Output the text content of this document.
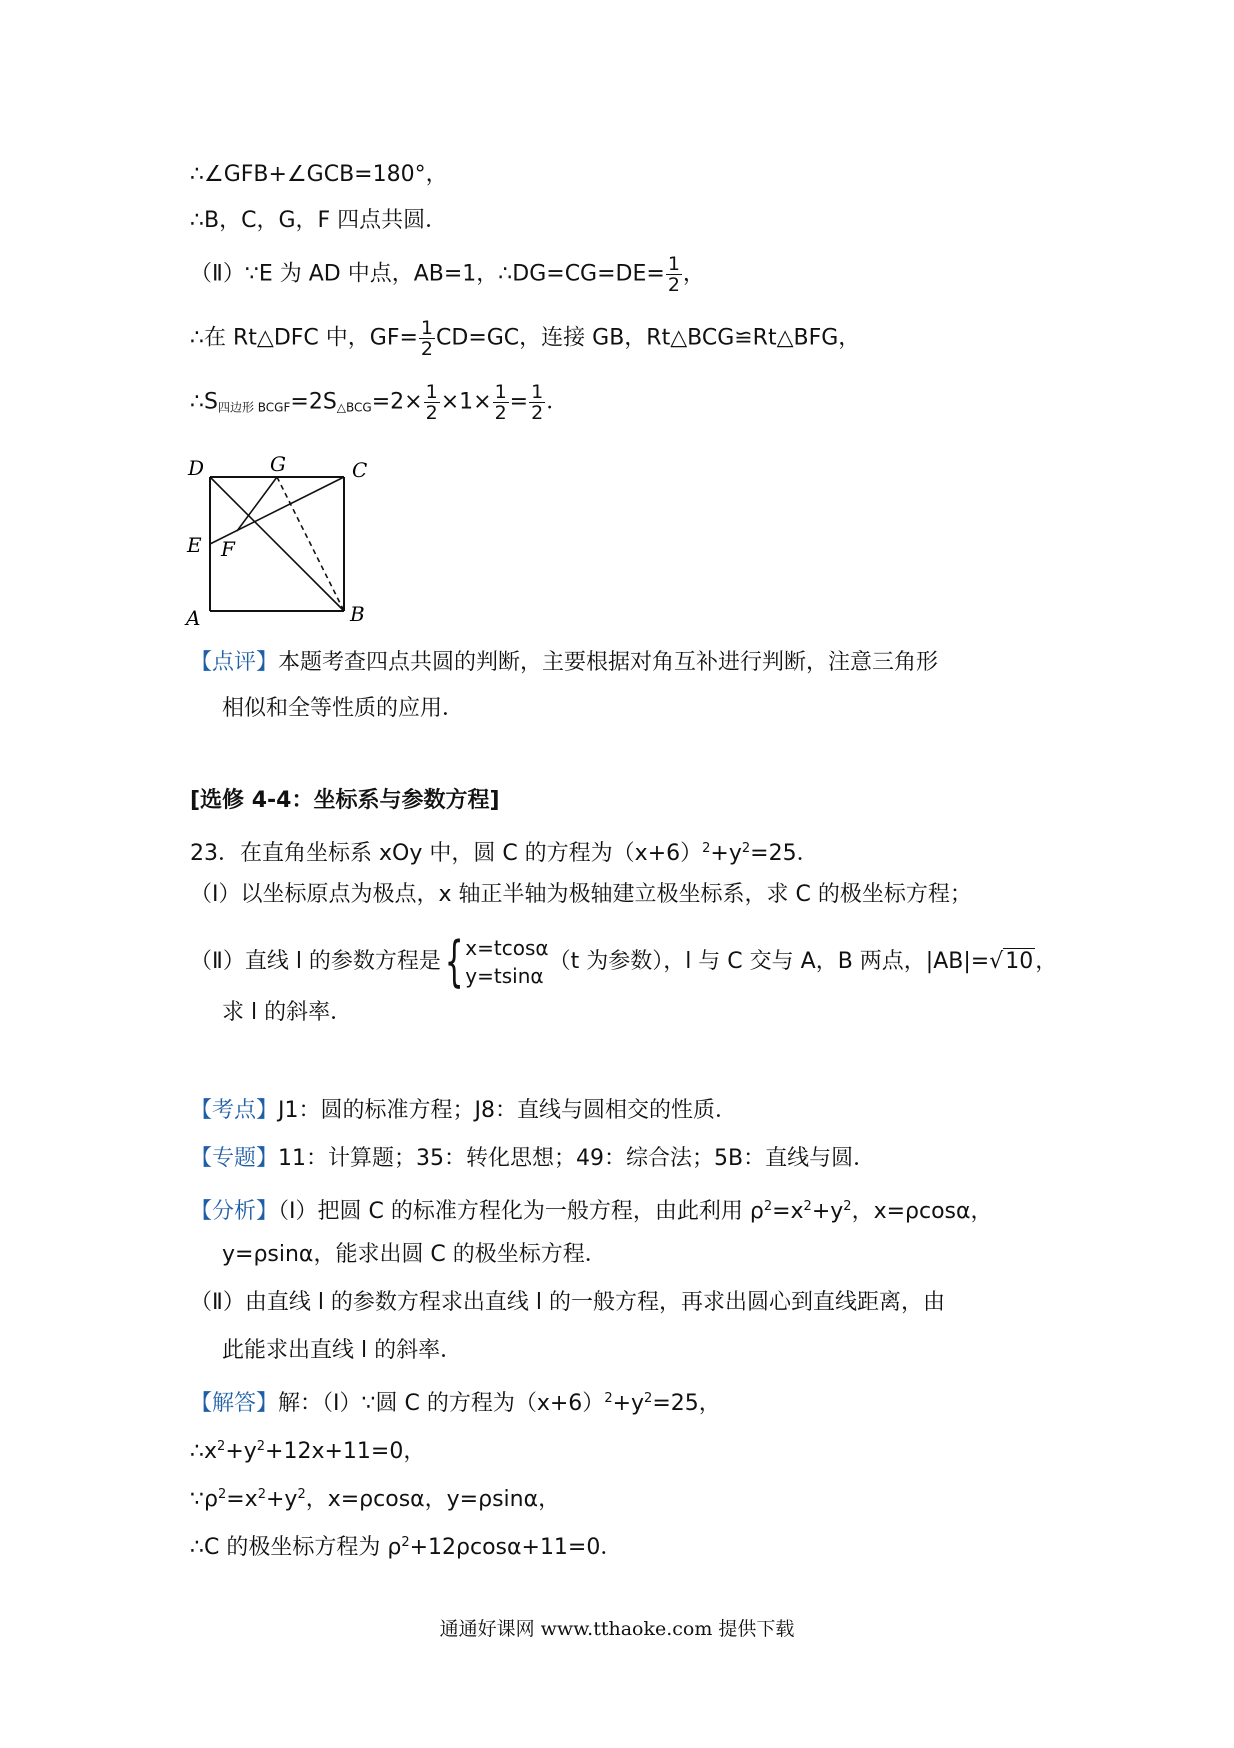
∴∠GFB+∠GCB=180°，
∴B，C，G，F 四点共圆．
（Ⅱ）∵E 为 AD 中点，AB=1，∴DG=CG=DE= $\frac{1}{2}$ ，
∴在 Rt△DFC 中，$GF= \frac{1}{2} CD=GC$，连接 GB，Rt△BCG≌Rt△BFG，
$\therefore S_{四边形 BCGF}=2S_{\triangle BCG}=2\times \frac{1}{2} \times 1\times \frac{1}{2} = \frac{1}{2}$ ．
D	G	C
E F
A	B
【点评】本题考查四点共圆的判断，主要根据对角互补进行判断，注意三角形
相似和全等性质的应用．
[选修 4-4：坐标系与参数方程]
23．在直角坐标系 xOy 中，圆 C 的方程为$(x+6)^2+y^2=25$．
（Ⅰ）以坐标原点为极点，x 轴正半轴为极轴建立极坐标系，求 C 的极坐标方程；
（Ⅱ）直线 l 的参数方程是{ x=tcosα
y=tsinα
（t 为参数），l 与 C 交与 A，B 两点，|AB|=√10，
求 l 的斜率．
【考点】J1：圆的标准方程；J8：直线与圆相交的性质．
【专题】11：计算题；35：转化思想；49：综合法；5B：直线与圆．
【分析】（Ⅰ）把圆 C 的标准方程化为一般方程，由此利用 $\rho^2=x^2+y^2$，x=ρcosα，
y=ρsinα，能求出圆 C 的极坐标方程．
（Ⅱ）由直线 l 的参数方程求出直线 l 的一般方程，再求出圆心到直线距离，由
此能求出直线 l 的斜率．
【解答】解：（Ⅰ）∵圆 C 的方程为$(x+6)^2+y^2=25$，
$\therefore x^2+y^2+12x+11=0$，
$\because\rho^2=x^2+y^2$，x=ρcosα，y=ρsinα，
∴C 的极坐标方程为 $\rho^2+12\rho\cos\alpha+11=0$．
通通好课网 www.tthaoke.com 提供下载
